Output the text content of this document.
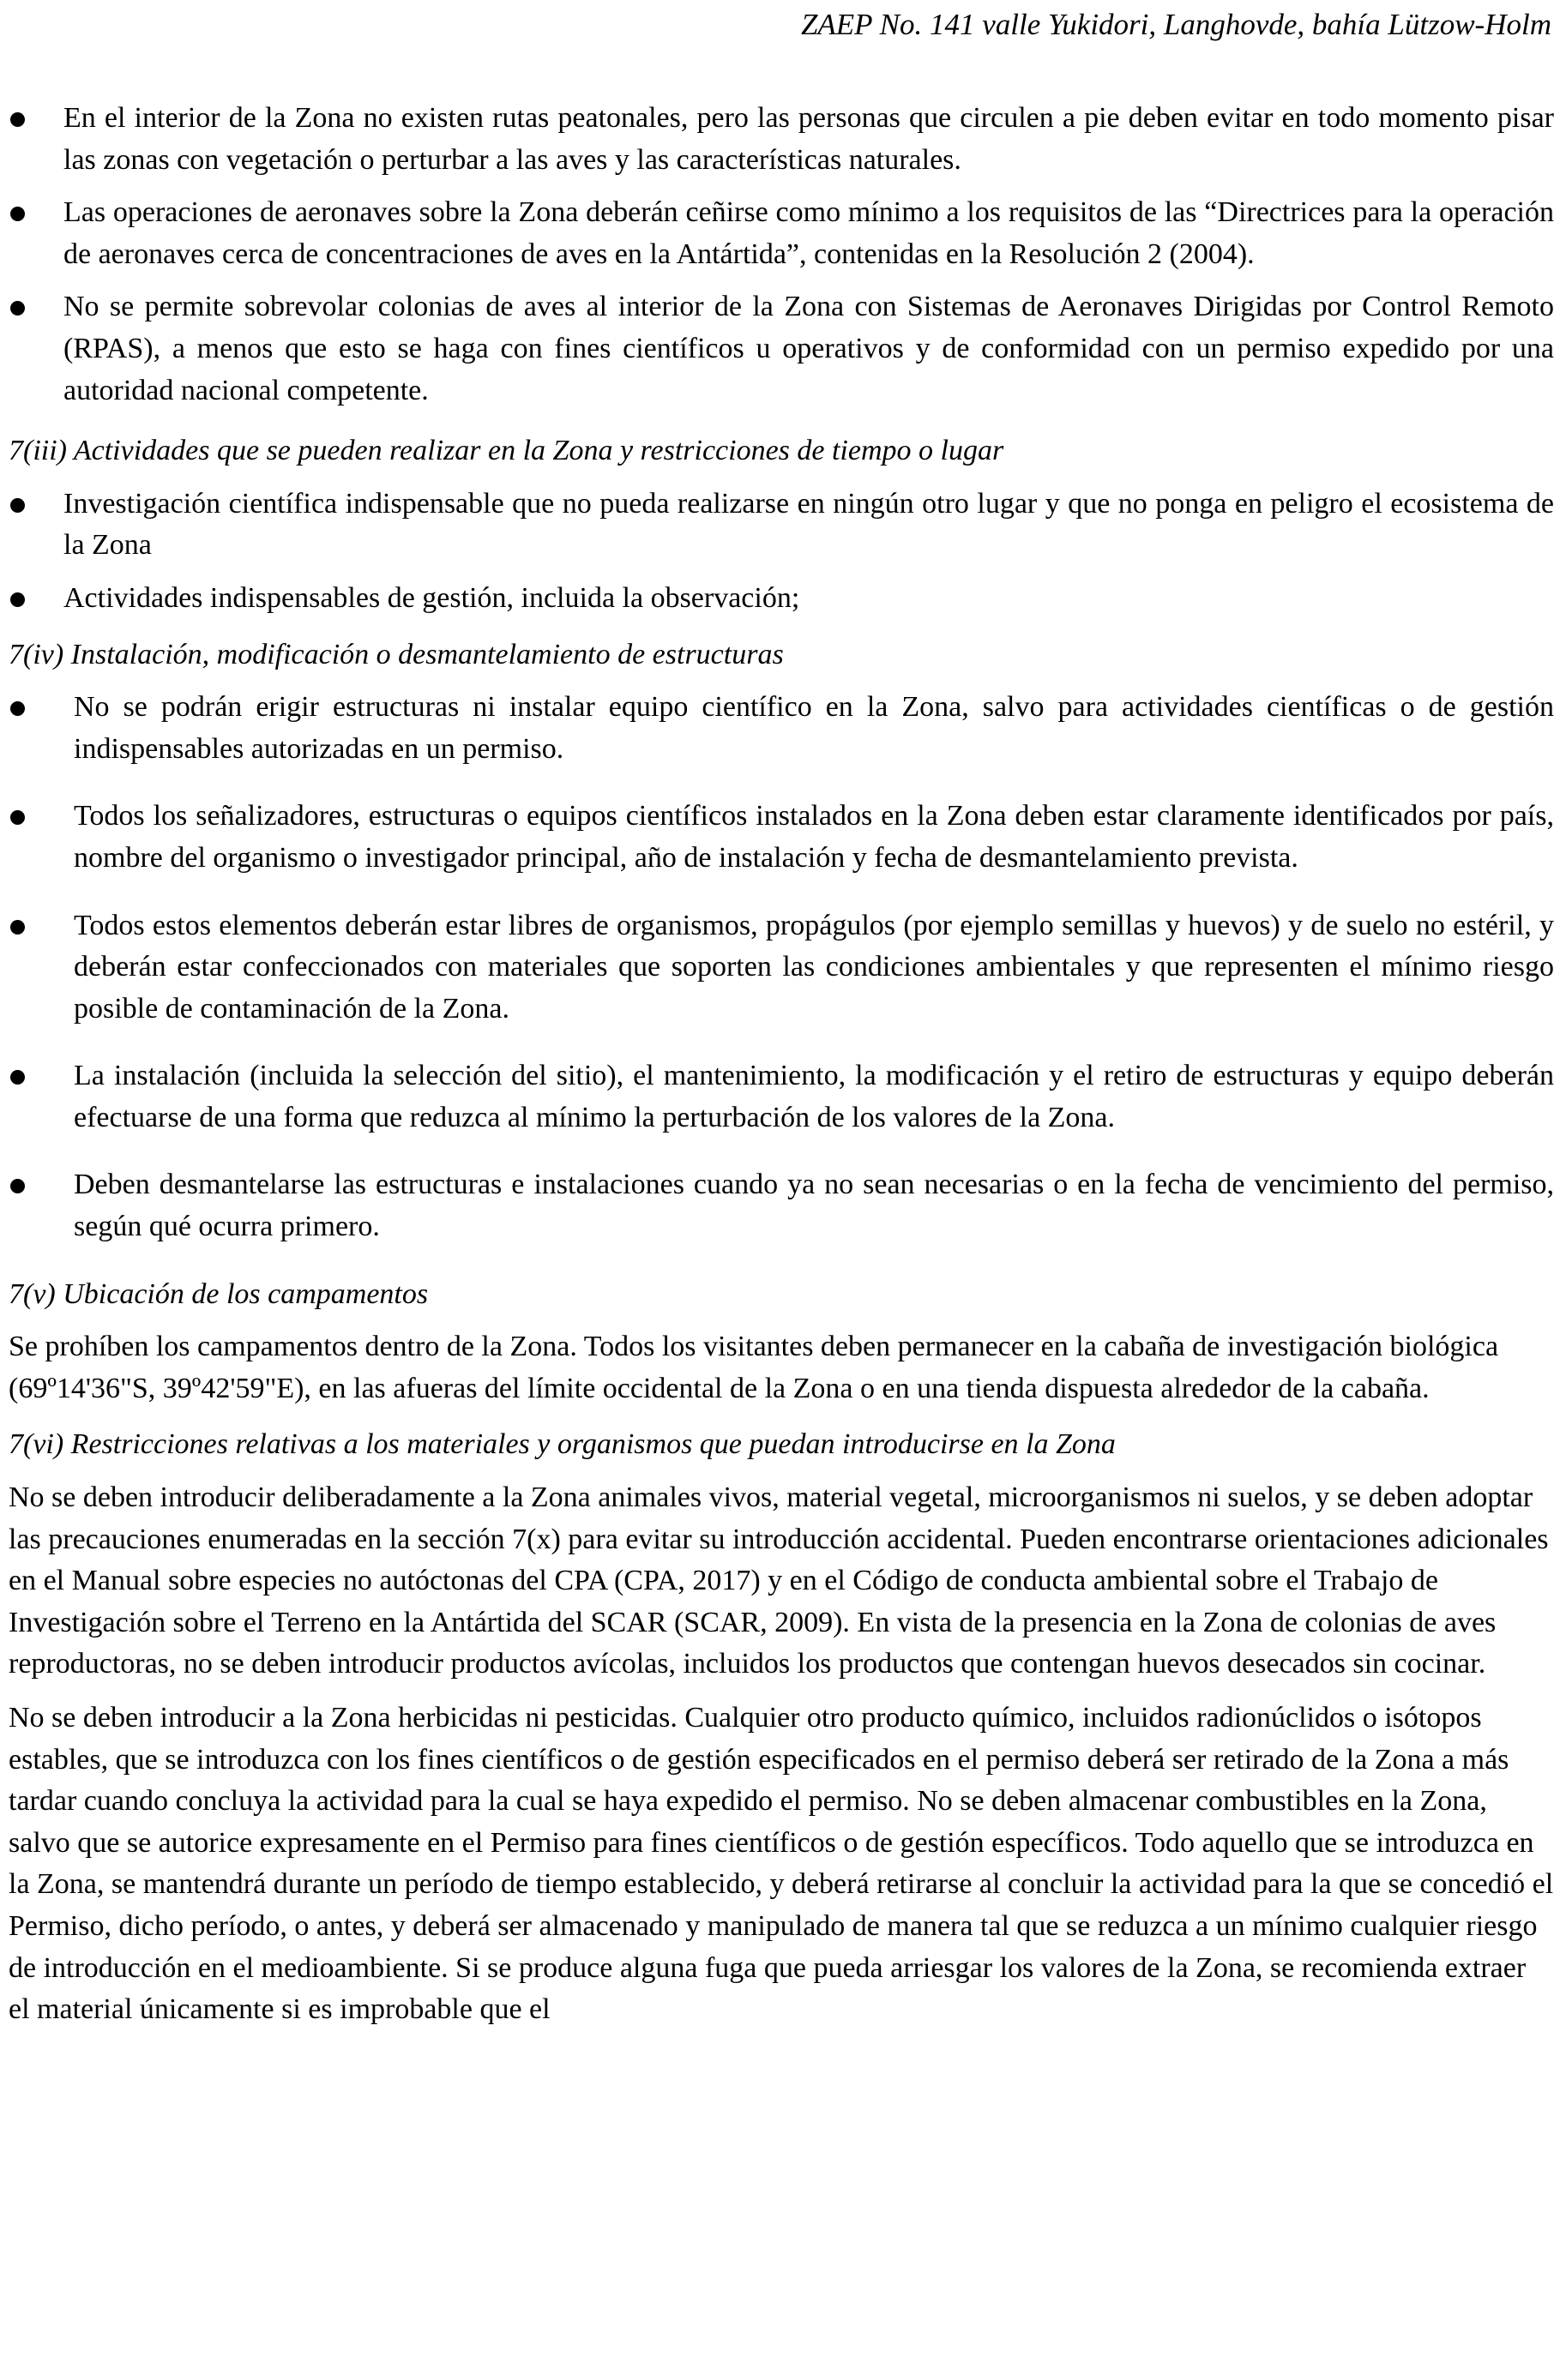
ZAEP No. 141 valle Yukidori, Langhovde, bahía Lützow-Holm
En el interior de la Zona no existen rutas peatonales, pero las personas que circulen a pie deben evitar en todo momento pisar las zonas con vegetación o perturbar a las aves y las características naturales.
Las operaciones de aeronaves sobre la Zona deberán ceñirse como mínimo a los requisitos de las “Directrices para la operación de aeronaves cerca de concentraciones de aves en la Antártida”, contenidas en la Resolución 2 (2004).
No se permite sobrevolar colonias de aves al interior de la Zona con Sistemas de Aeronaves Dirigidas por Control Remoto (RPAS), a menos que esto se haga con fines científicos u operativos y de conformidad con un permiso expedido por una autoridad nacional competente.
7(iii) Actividades que se pueden realizar en la Zona y restricciones de tiempo o lugar
Investigación científica indispensable que no pueda realizarse en ningún otro lugar y que no ponga en peligro el ecosistema de la Zona
Actividades indispensables de gestión, incluida la observación;
7(iv) Instalación, modificación o desmantelamiento de estructuras
No se podrán erigir estructuras ni instalar equipo científico en la Zona, salvo para actividades científicas o de gestión indispensables autorizadas en un permiso.
Todos los señalizadores, estructuras o equipos científicos instalados en la Zona deben estar claramente identificados por país, nombre del organismo o investigador principal, año de instalación y fecha de desmantelamiento prevista.
Todos estos elementos deberán estar libres de organismos, propágulos (por ejemplo semillas y huevos) y de suelo no estéril, y deberán estar confeccionados con materiales que soporten las condiciones ambientales y que representen el mínimo riesgo posible de contaminación de la Zona.
La instalación (incluida la selección del sitio), el mantenimiento, la modificación y el retiro de estructuras y equipo deberán efectuarse de una forma que reduzca al mínimo la perturbación de los valores de la Zona.
Deben desmantelarse las estructuras e instalaciones cuando ya no sean necesarias o en la fecha de vencimiento del permiso, según qué ocurra primero.
7(v) Ubicación de los campamentos

Se prohíben los campamentos dentro de la Zona. Todos los visitantes deben permanecer en la cabaña de investigación biológica (69º14'36"S, 39º42'59"E), en las afueras del límite occidental de la Zona o en una tienda dispuesta alrededor de la cabaña.

7(vi) Restricciones relativas a los materiales y organismos que puedan introducirse en la Zona

No se deben introducir deliberadamente a la Zona animales vivos, material vegetal, microorganismos ni suelos, y se deben adoptar las precauciones enumeradas en la sección 7(x) para evitar su introducción accidental. Pueden encontrarse orientaciones adicionales en el Manual sobre especies no autóctonas del CPA (CPA, 2017) y en el Código de conducta ambiental sobre el Trabajo de Investigación sobre el Terreno en la Antártida del SCAR (SCAR, 2009). En vista de la presencia en la Zona de colonias de aves reproductoras, no se deben introducir productos avícolas, incluidos los productos que contengan huevos desecados sin cocinar.

No se deben introducir a la Zona herbicidas ni pesticidas. Cualquier otro producto químico, incluidos radionúclidos o isótopos estables, que se introduzca con los fines científicos o de gestión especificados en el permiso deberá ser retirado de la Zona a más tardar cuando concluya la actividad para la cual se haya expedido el permiso. No se deben almacenar combustibles en la Zona, salvo que se autorice expresamente en el Permiso para fines científicos o de gestión específicos. Todo aquello que se introduzca en la Zona, se mantendrá durante un período de tiempo establecido, y deberá retirarse al concluir la actividad para la que se concedió el Permiso, dicho período, o antes, y deberá ser almacenado y manipulado de manera tal que se reduzca a un mínimo cualquier riesgo de introducción en el medioambiente. Si se produce alguna fuga que pueda arriesgar los valores de la Zona, se recomienda extraer el material únicamente si es improbable que el
